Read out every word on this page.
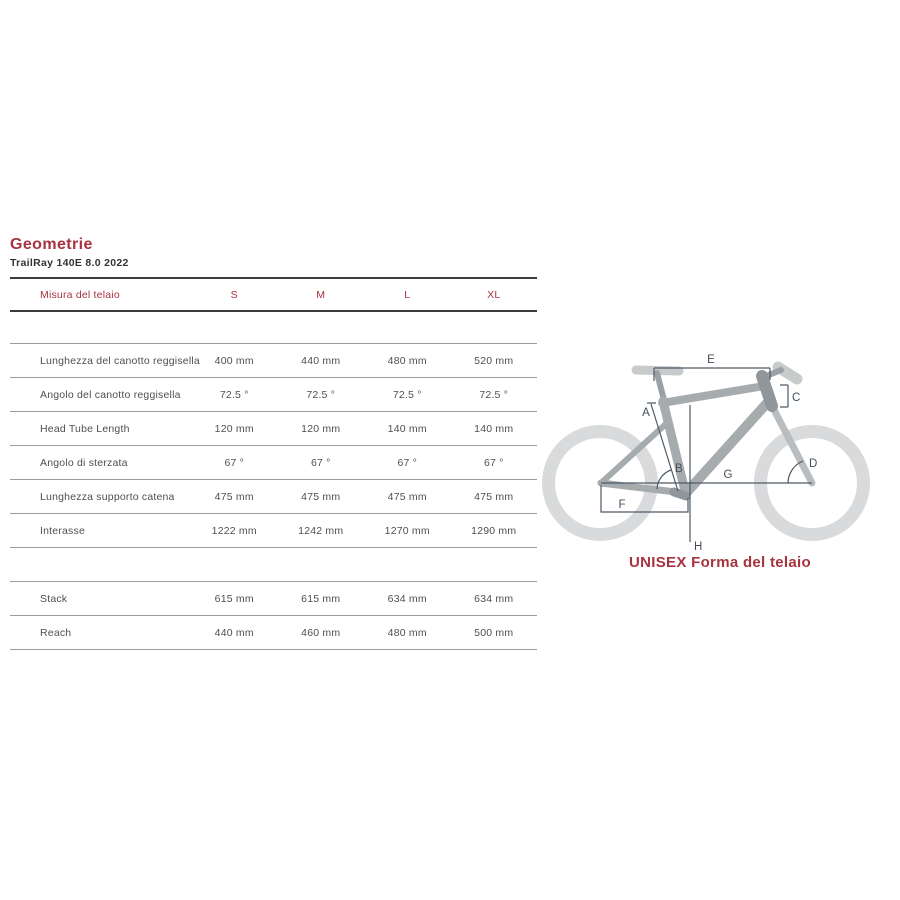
Geometrie
TrailRay 140E 8.0 2022
Misura del telaio	S	M	L	XL
Lunghezza del canotto reggisella	400 mm	440 mm	480 mm	520 mm
Angolo del canotto reggisella	72.5 °	72.5 °	72.5 °	72.5 °
Head Tube Length	120 mm	120 mm	140 mm	140 mm
Angolo di sterzata	67 °	67 °	67 °	67 °
Lunghezza supporto catena	475 mm	475 mm	475 mm	475 mm
Interasse	1222 mm	1242 mm	1270 mm	1290 mm
Stack	615 mm	615 mm	634 mm	634 mm
Reach	440 mm	460 mm	480 mm	500 mm
E
A
B
C
D
F
G
H
UNISEX Forma del telaio
